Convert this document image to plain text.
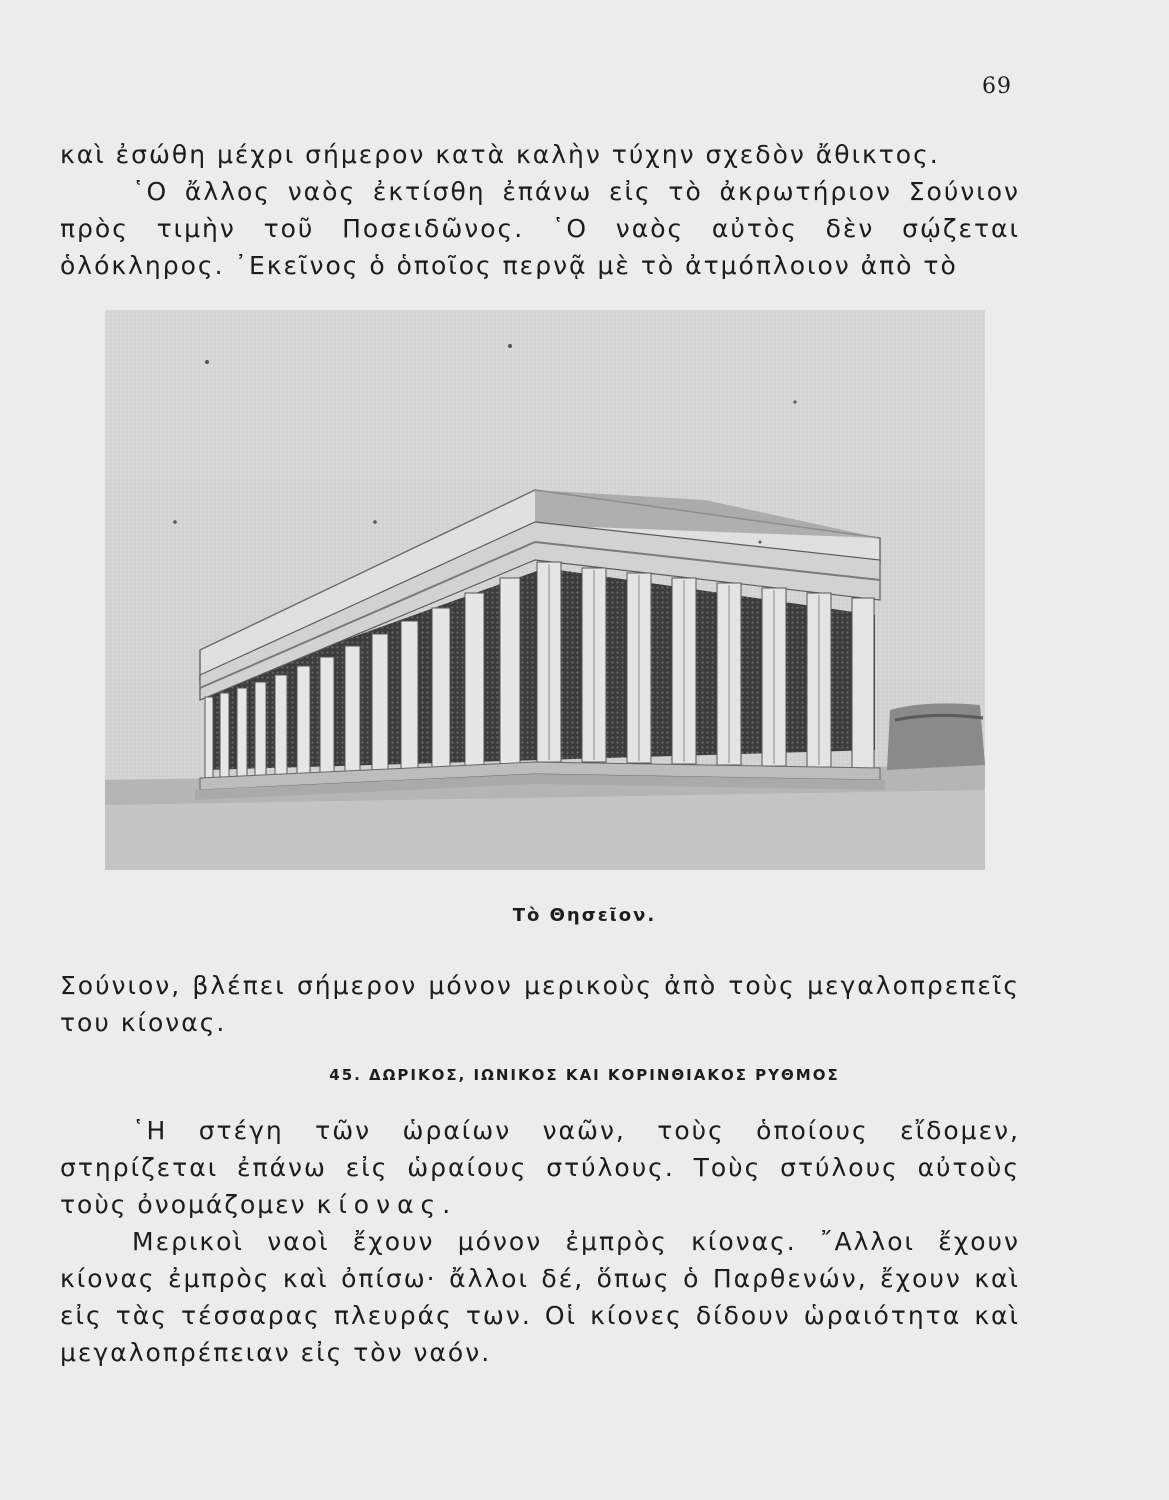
69

καὶ ἐσώθη μέχρι σήμερον κατὰ καλὴν τύχην σχεδὸν ἄθικτος.

῾Ο ἄλλος ναὸς ἐκτίσθη ἐπάνω εἰς τὸ ἀκρωτήριον Σούνιον πρὸς τιμὴν τοῦ Ποσειδῶνος. ῾Ο ναὸς αὐτὸς δὲν σῴζεται ὁλόκληρος. ᾿Εκεῖνος ὁ ὁποῖος περνᾷ μὲ τὸ ἀτμόπλοιον ἀπὸ τὸ

Τὸ Θησεῖον.

Σούνιον, βλέπει σήμερον μόνον μερικοὺς ἀπὸ τοὺς μεγαλοπρεπεῖς του κίονας.

45. ΔΩΡΙΚΟΣ, ΙΩΝΙΚΟΣ ΚΑΙ ΚΟΡΙΝΘΙΑΚΟΣ ΡΥΘΜΟΣ

῾Η στέγη τῶν ὡραίων ναῶν, τοὺς ὁποίους εἴδομεν, στηρίζεται ἐπάνω εἰς ὡραίους στύλους. Τοὺς στύλους αὐτοὺς τοὺς ὀνομάζομεν κίονας.

Μερικοὶ ναοὶ ἔχουν μόνον ἐμπρὸς κίονας. ῎Αλλοι ἔχουν κίονας ἐμπρὸς καὶ ὀπίσω· ἄλλοι δέ, ὅπως ὁ Παρθενών, ἔχουν καὶ εἰς τὰς τέσσαρας πλευράς των. Οἱ κίονες δίδουν ὡραιότητα καὶ μεγαλοπρέπειαν εἰς τὸν ναόν.
